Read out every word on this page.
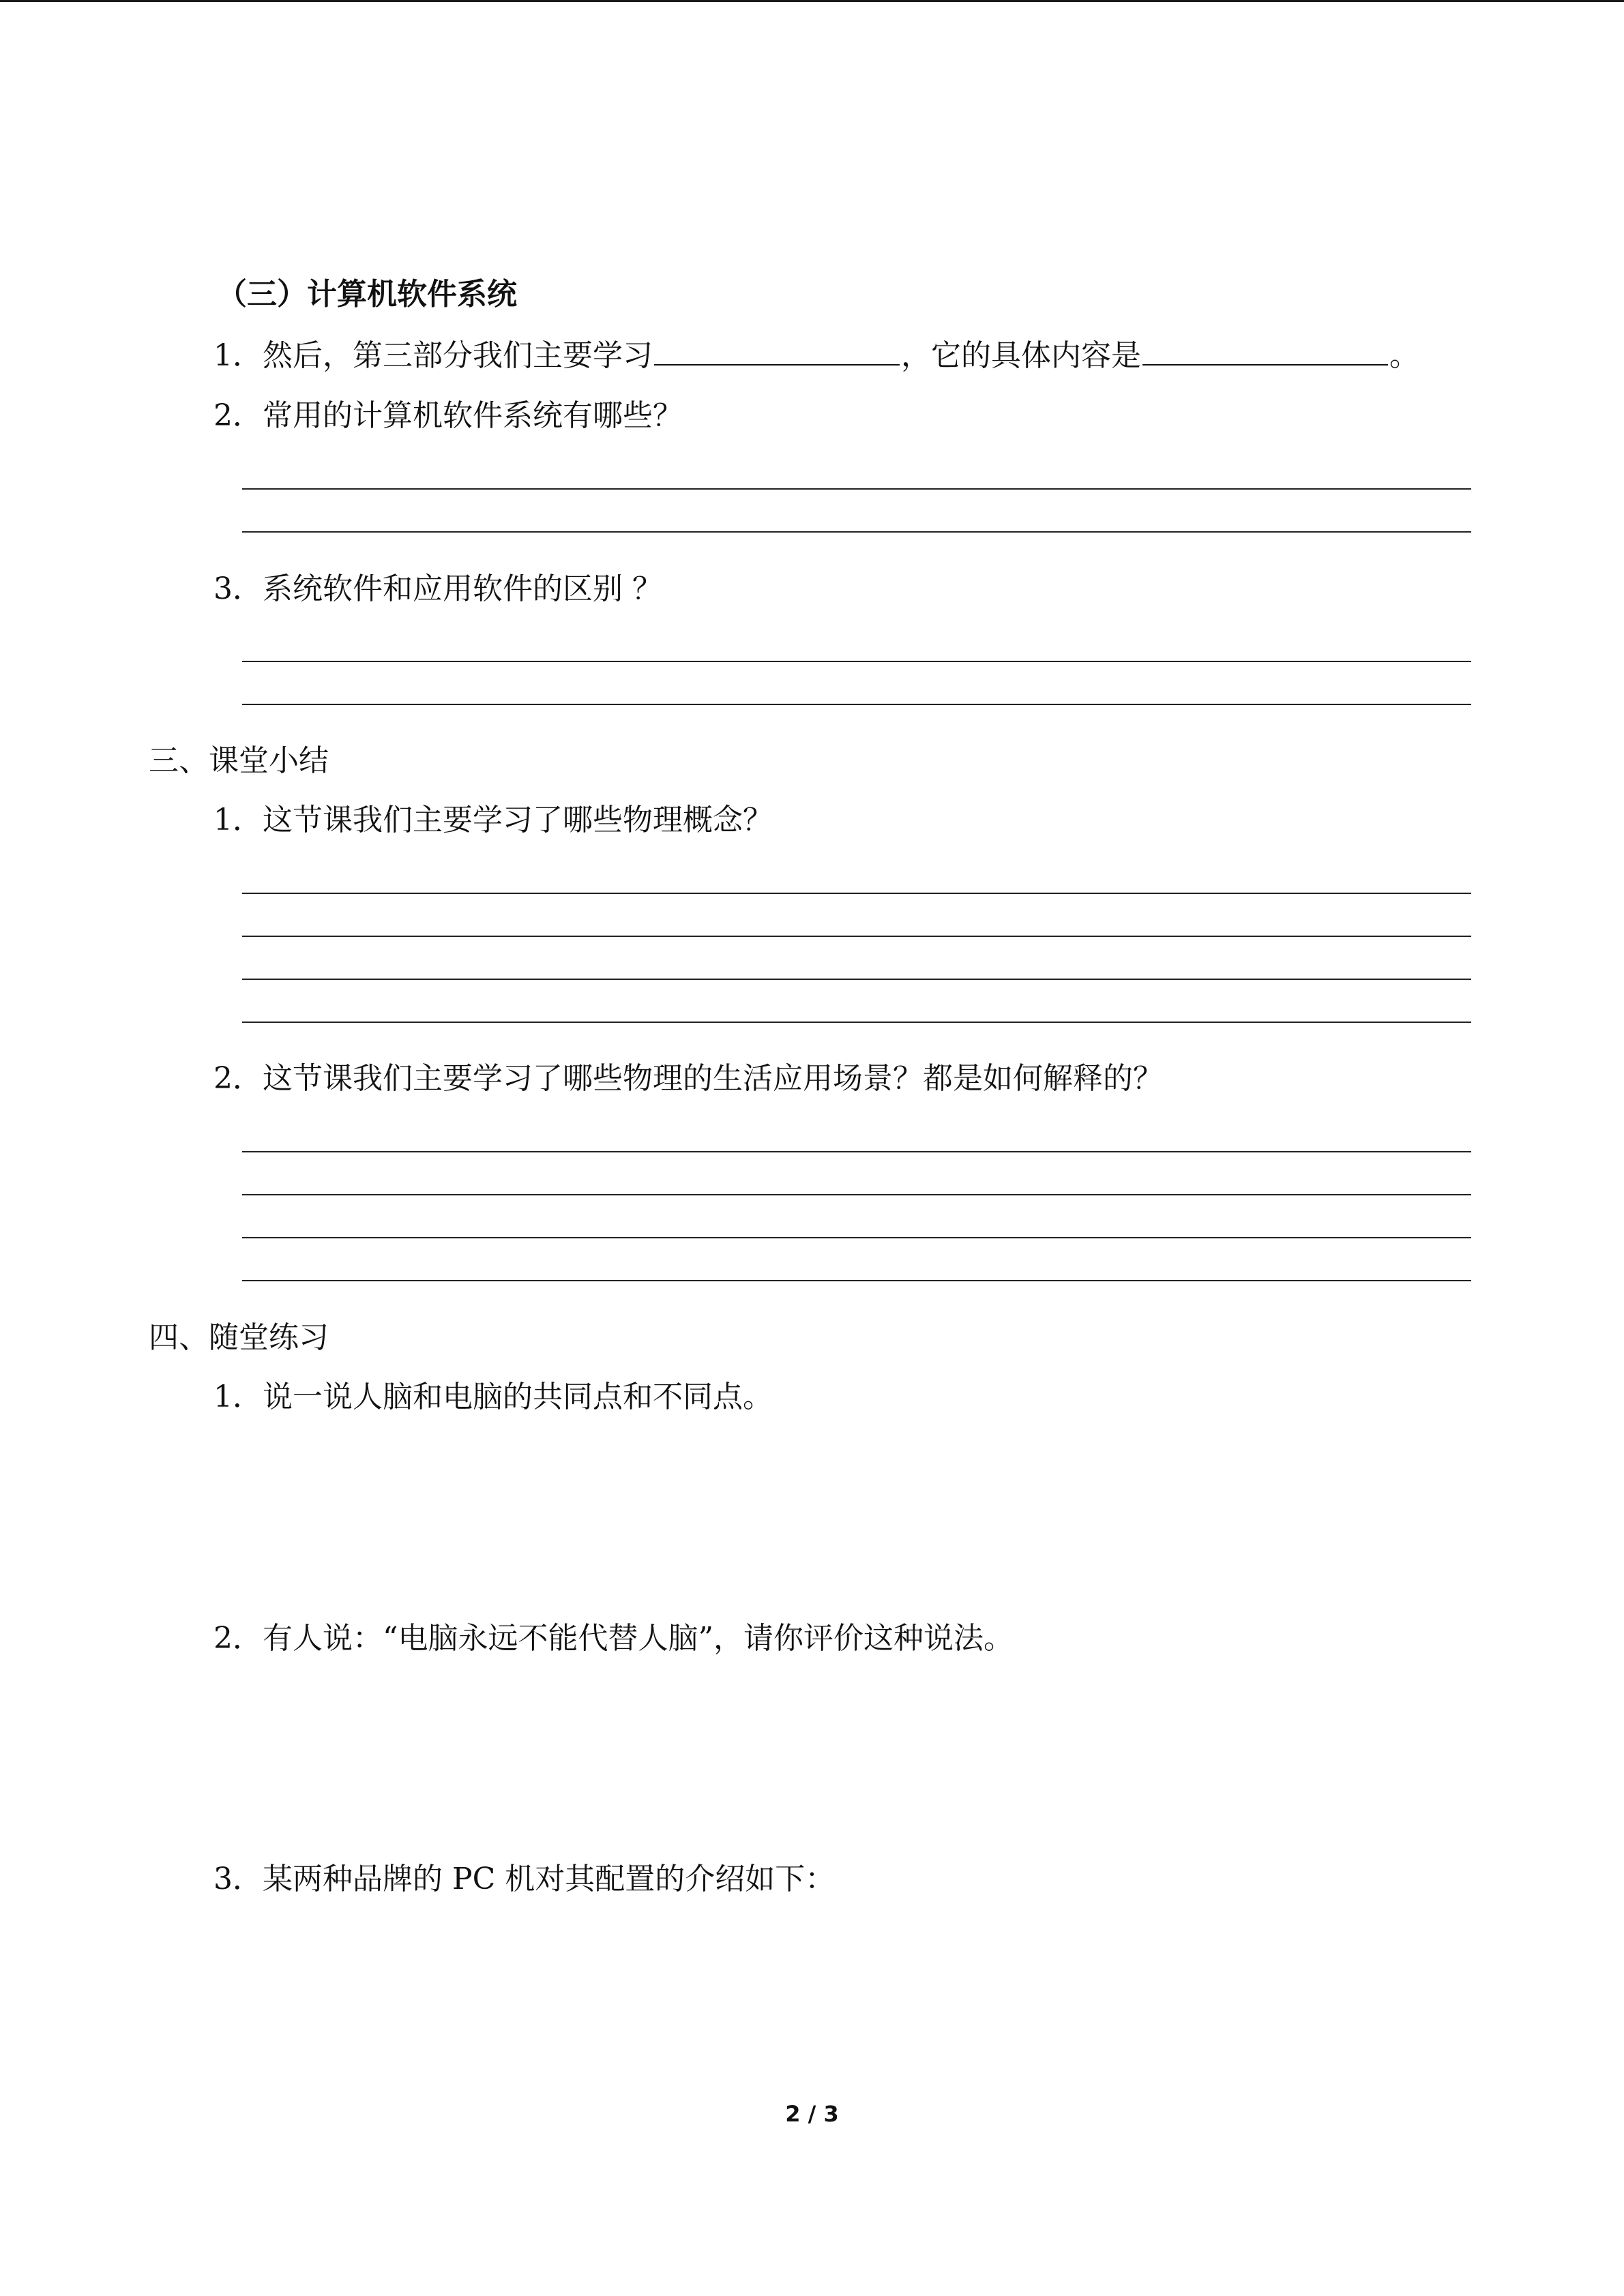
（三）计算机软件系统
1．然后，第三部分我们主要学习	，它的具体内容是	。
2．常用的计算机软件系统有哪些？
3．系统软件和应用软件的区别 ？
三、课堂小结
1．这节课我们主要学习了哪些物理概念？
2．这节课我们主要学习了哪些物理的生活应用场景？都是如何解释的？
四、随堂练习
1．说一说人脑和电脑的共同点和不同点。
2．有人说：“电脑永远不能代替人脑”，请你评价这种说法。
3．某两种品牌的 PC 机对其配置的介绍如下：
2 / 3
